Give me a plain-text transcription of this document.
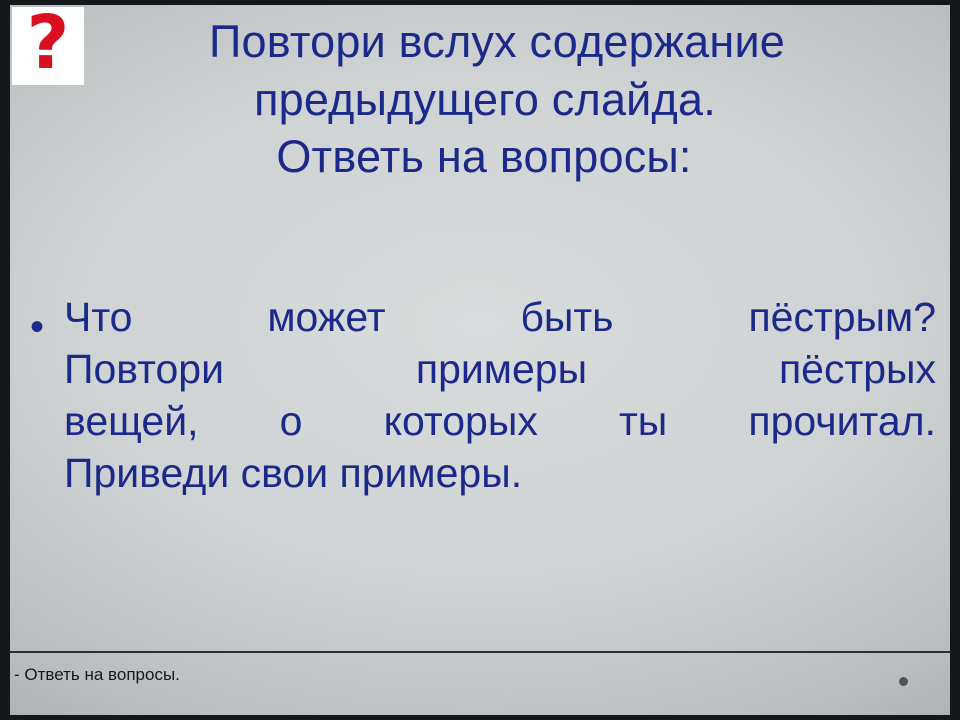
?	Повтори вслух содержание
предыдущего слайда.
Ответь на вопросы:
• Что может быть пёстрым?
Повтори примеры пёстрых
вещей, о которых ты прочитал.
Приведи свои примеры.
- Ответь на вопросы.
